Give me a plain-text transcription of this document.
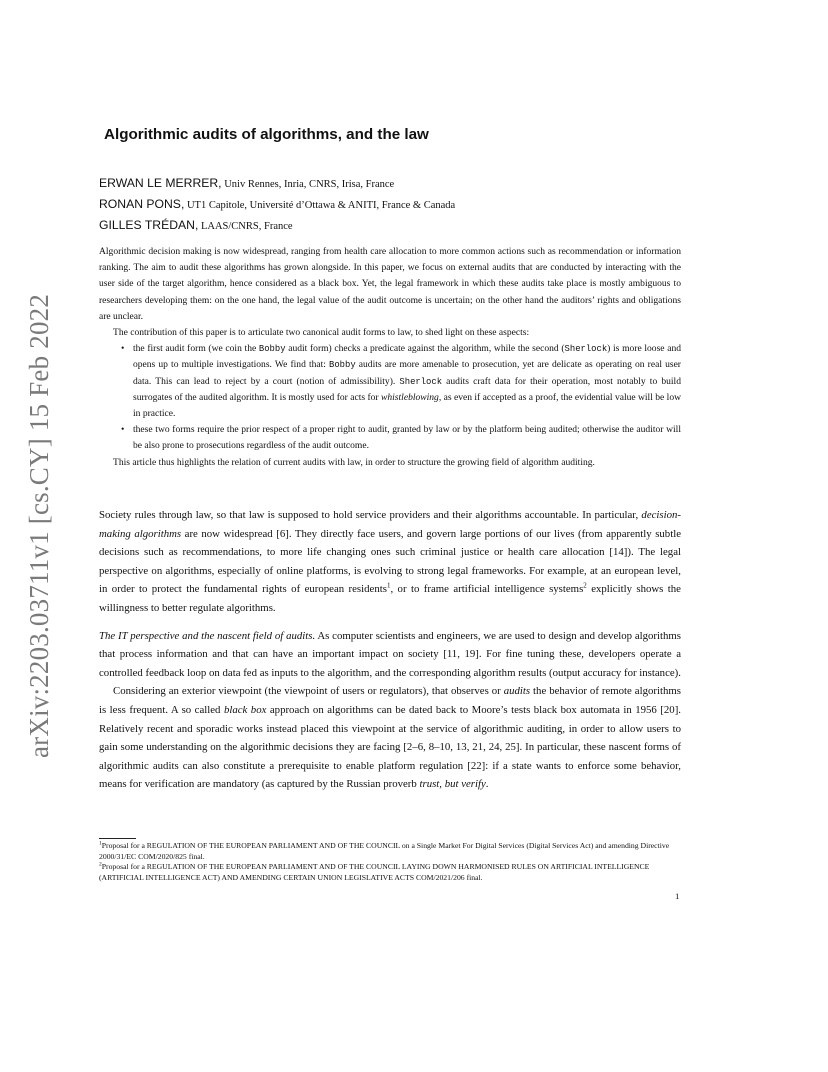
arXiv:2203.03711v1 [cs.CY] 15 Feb 2022
Algorithmic audits of algorithms, and the law
ERWAN LE MERRER, Univ Rennes, Inria, CNRS, Irisa, France
RONAN PONS, UT1 Capitole, Université d’Ottawa & ANITI, France & Canada
GILLES TRÉDAN, LAAS/CNRS, France

Algorithmic decision making is now widespread, ranging from health care allocation to more common actions such as recommendation or information ranking. The aim to audit these algorithms has grown alongside. In this paper, we focus on external audits that are conducted by interacting with the user side of the target algorithm, hence considered as a black box. Yet, the legal framework in which these audits take place is mostly ambiguous to researchers developing them: on the one hand, the legal value of the audit outcome is uncertain; on the other hand the auditors’ rights and obligations are unclear.

The contribution of this paper is to articulate two canonical audit forms to law, to shed light on these aspects:

• the first audit form (we coin the Bobby audit form) checks a predicate against the algorithm, while the second (Sherlock) is more loose and opens up to multiple investigations. We find that: Bobby audits are more amenable to prosecution, yet are delicate as operating on real user data. This can lead to reject by a court (notion of admissibility). Sherlock audits craft data for their operation, most notably to build surrogates of the audited algorithm. It is mostly used for acts for whistleblowing, as even if accepted as a proof, the evidential value will be low in practice.
• these two forms require the prior respect of a proper right to audit, granted by law or by the platform being audited; otherwise the auditor will be also prone to prosecutions regardless of the audit outcome.

This article thus highlights the relation of current audits with law, in order to structure the growing field of algorithm auditing.

Society rules through law, so that law is supposed to hold service providers and their algorithms accountable. In particular, decision-making algorithms are now widespread [6]. They directly face users, and govern large portions of our lives (from apparently subtle decisions such as recommendations, to more life changing ones such criminal justice or health care allocation [14]). The legal perspective on algorithms, especially of online platforms, is evolving to strong legal frameworks. For example, at an european level, in order to protect the fundamental rights of european residents$^1$, or to frame artificial intelligence systems$^2$ explicitly shows the willingness to better regulate algorithms.

The IT perspective and the nascent field of audits. As computer scientists and engineers, we are used to design and develop algorithms that process information and that can have an important impact on society [11, 19]. For fine tuning these, developers operate a controlled feedback loop on data fed as inputs to the algorithm, and the corresponding algorithm results (output accuracy for instance).

Considering an exterior viewpoint (the viewpoint of users or regulators), that observes or audits the behavior of remote algorithms is less frequent. A so called black box approach on algorithms can be dated back to Moore’s tests black box automata in 1956 [20]. Relatively recent and sporadic works instead placed this viewpoint at the service of algorithmic auditing, in order to allow users to gain some understanding on the algorithmic decisions they are facing [2–6, 8–10, 13, 21, 24, 25]. In particular, these nascent forms of algorithmic audits can also constitute a prerequisite to enable platform regulation [22]: if a state wants to enforce some behavior, means for verification are mandatory (as captured by the Russian proverb trust, but verify.

$^1$Proposal for a REGULATION OF THE EUROPEAN PARLIAMENT AND OF THE COUNCIL on a Single Market For Digital Services (Digital Services Act) and amending Directive 2000/31/EC COM/2020/825 final.

$^2$Proposal for a REGULATION OF THE EUROPEAN PARLIAMENT AND OF THE COUNCIL LAYING DOWN HARMONISED RULES ON ARTIFICIAL INTELLIGENCE (ARTIFICIAL INTELLIGENCE ACT) AND AMENDING CERTAIN UNION LEGISLATIVE ACTS COM/2021/206 final.

1
